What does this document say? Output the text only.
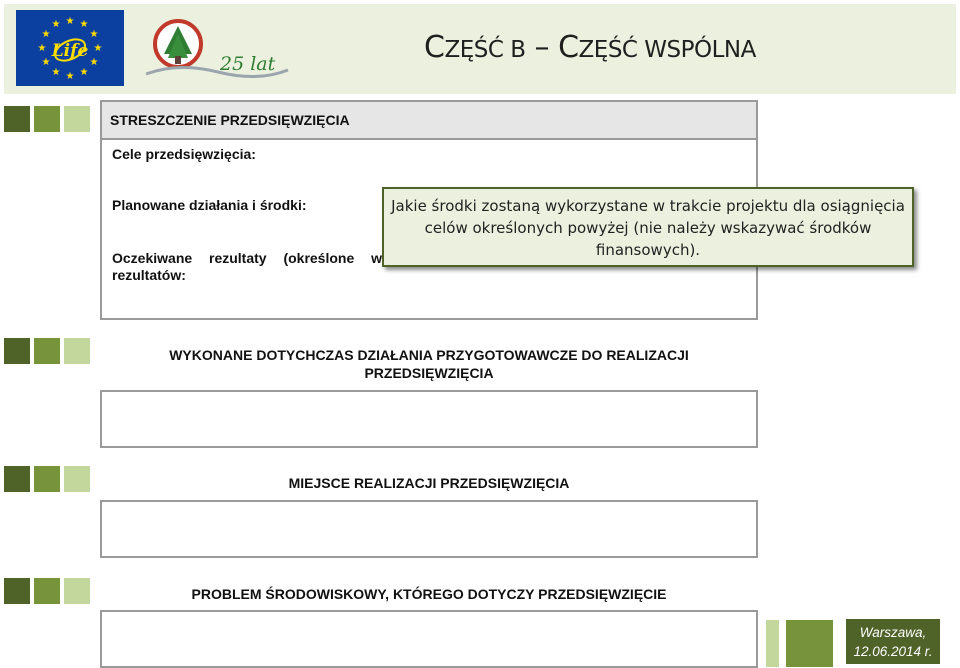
★ ★
★
★
★
★
★
★
★
★
★
★
Life
25 lat	CZĘŚĆ B – CZĘŚĆ WSPÓLNA
STRESZCZENIE PRZEDSIĘWZIĘCIA
Cele przedsięwzięcia:
Planowane działania i środki:
Oczekiwane rezultaty (określone w
rezultatów:
WYKONANE DOTYCHCZAS DZIAŁANIA PRZYGOTOWAWCZE DO REALIZACJI
PRZEDSIĘWZIĘCIA
MIEJSCE REALIZACJI PRZEDSIĘWZIĘCIA
PROBLEM ŚRODOWISKOWY, KTÓREGO DOTYCZY PRZEDSIĘWZIĘCIE
Jakie środki zostaną wykorzystane w trakcie projektu dla osiągnięcia celów określonych powyżej (nie należy wskazywać środków finansowych).
Warszawa,
12.06.2014 r.
